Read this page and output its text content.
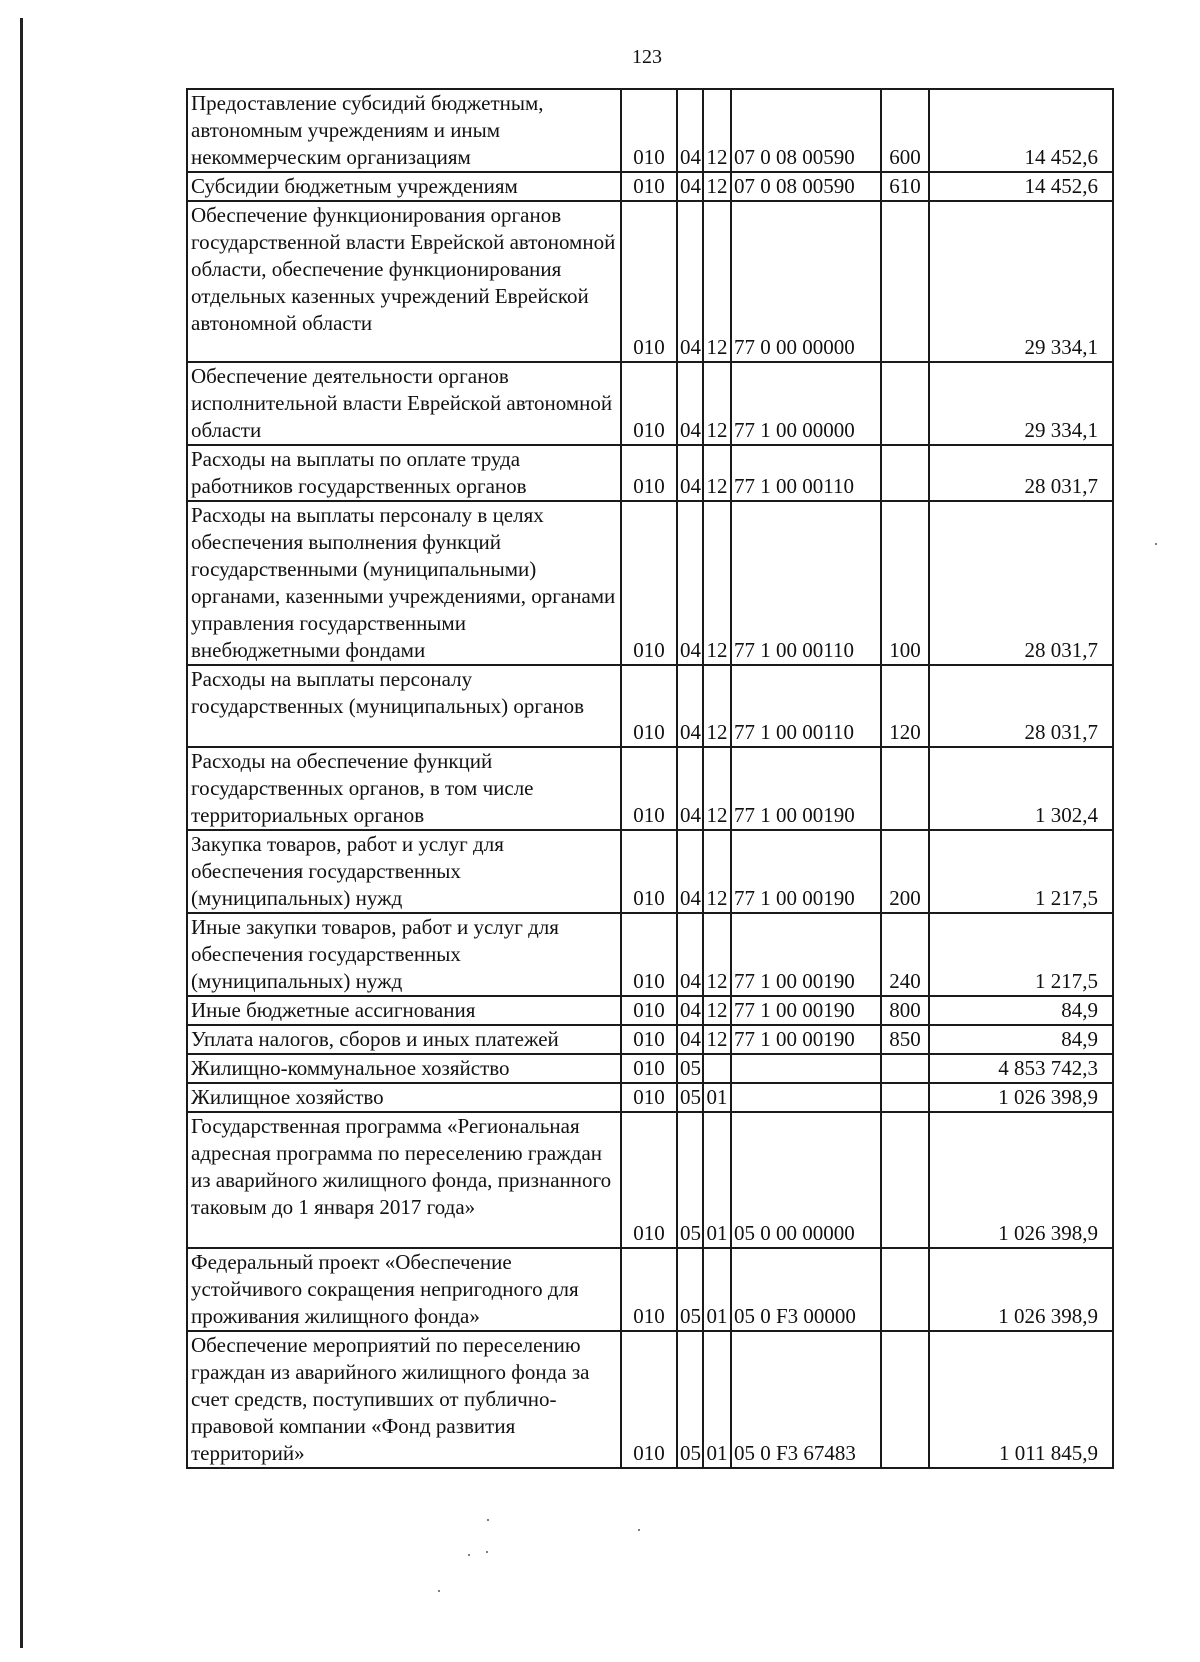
123
Предоставление субсидий бюджетным, автономным учреждениям и иным некоммерческим организациям	010	04	12	07 0 08 00590	600	14 452,6
Субсидии бюджетным учреждениям	010	04	12	07 0 08 00590	610	14 452,6
Обеспечение функционирования органов государственной власти Еврейской автономной области, обеспечение функционирования отдельных казенных учреждений Еврейской автономной области	010	04	12	77 0 00 00000		29 334,1
Обеспечение деятельности органов исполнительной власти Еврейской автономной области	010	04	12	77 1 00 00000		29 334,1
Расходы на выплаты по оплате труда работников государственных органов	010	04	12	77 1 00 00110		28 031,7
Расходы на выплаты персоналу в целях обеспечения выполнения функций государственными (муниципальными) органами, казенными учреждениями, органами управления государственными внебюджетными фондами	010	04	12	77 1 00 00110	100	28 031,7
Расходы на выплаты персоналу государственных (муниципальных) органов	010	04	12	77 1 00 00110	120	28 031,7
Расходы на обеспечение функций государственных органов, в том числе территориальных органов	010	04	12	77 1 00 00190		1 302,4
Закупка товаров, работ и услуг для обеспечения государственных (муниципальных) нужд	010	04	12	77 1 00 00190	200	1 217,5
Иные закупки товаров, работ и услуг для обеспечения государственных (муниципальных) нужд	010	04	12	77 1 00 00190	240	1 217,5
Иные бюджетные ассигнования	010	04	12	77 1 00 00190	800	84,9
Уплата налогов, сборов и иных платежей	010	04	12	77 1 00 00190	850	84,9
Жилищно-коммунальное хозяйство	010	05				4 853 742,3
Жилищное хозяйство	010	05	01			1 026 398,9
Государственная программа «Региональная адресная программа по переселению граждан из аварийного жилищного фонда, признанного таковым до 1 января 2017 года»	010	05	01	05 0 00 00000		1 026 398,9
Федеральный проект «Обеспечение устойчивого сокращения непригодного для проживания жилищного фонда»	010	05	01	05 0 F3 00000		1 026 398,9
Обеспечение мероприятий по переселению граждан из аварийного жилищного фонда за счет средств, поступивших от публично-правовой компании «Фонд развития территорий»	010	05	01	05 0 F3 67483		1 011 845,9
